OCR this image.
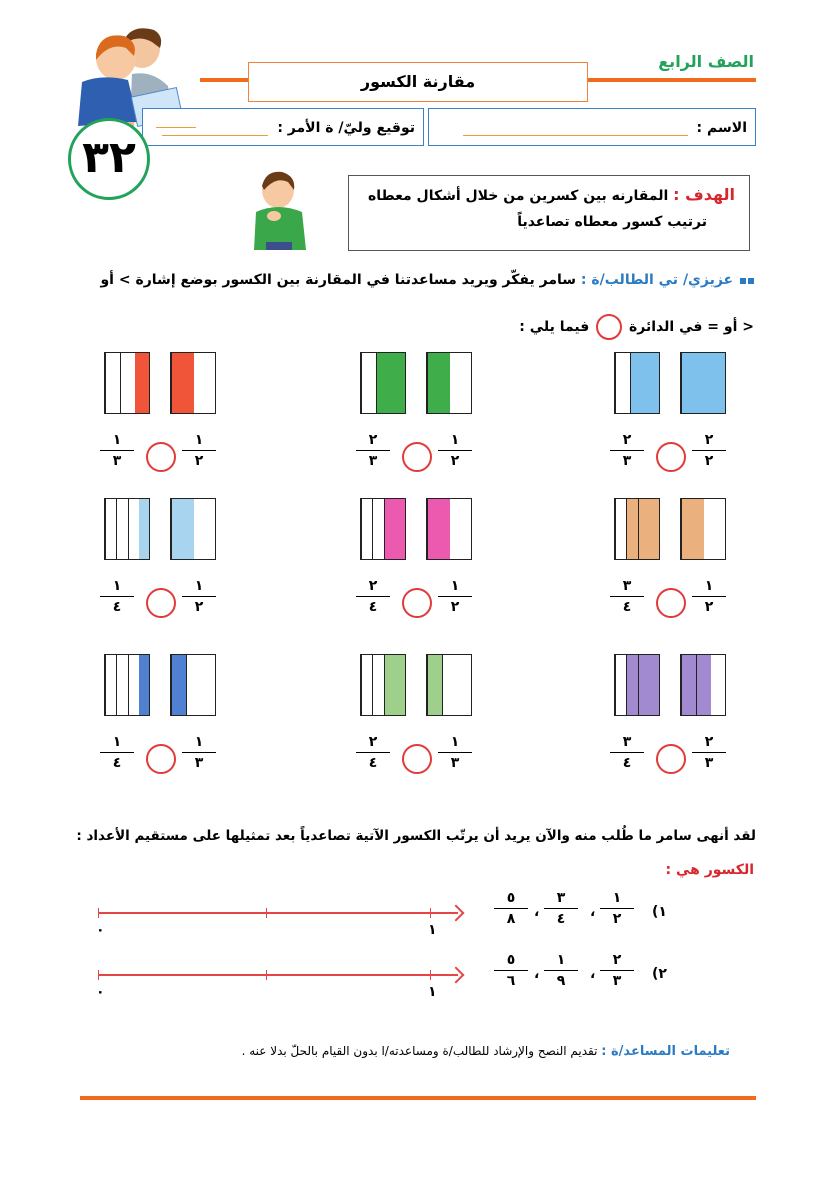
الصف الرابع
مقارنة الكسور
الاسم :
توقيع وليّ/ ة الأمر :
٣٢
الهدف : المقارنه بين كسرين من خلال أشكال معطاه
ترتيب كسور معطاه تصاعدياً
عزيزي/ تي الطالب/ة : سامر يفكّر ويريد مساعدتنا في المقارنة بين الكسور بوضع إشارة > أو
< أو = في الدائرة  فيما يلي :
١
٣
١
٢
٢
٣
١
٢
٢
٣
٢
٢
١
٤
١
٢
٢
٤
١
٢
٣
٤
١
٢
١
٤
١
٣
٢
٤
١
٣
٣
٤
٢
٣
لقد أنهى سامر ما طُلب منه والآن يريد أن يرتّب الكسور الآتية تصاعدياً بعد تمثيلها على مستقيم الأعداد :
الكسور هي :
١)
١
٢
،
٣
٤
،
٥
٨
٠	١
٢)
٢
٣
،
١
٩
،
٥
٦
٠	١
تعليمات المساعد/ة : تقديم النصح والإرشاد للطالب/ة ومساعدته/ا بدون القيام بالحلّ بدلا عنه .
